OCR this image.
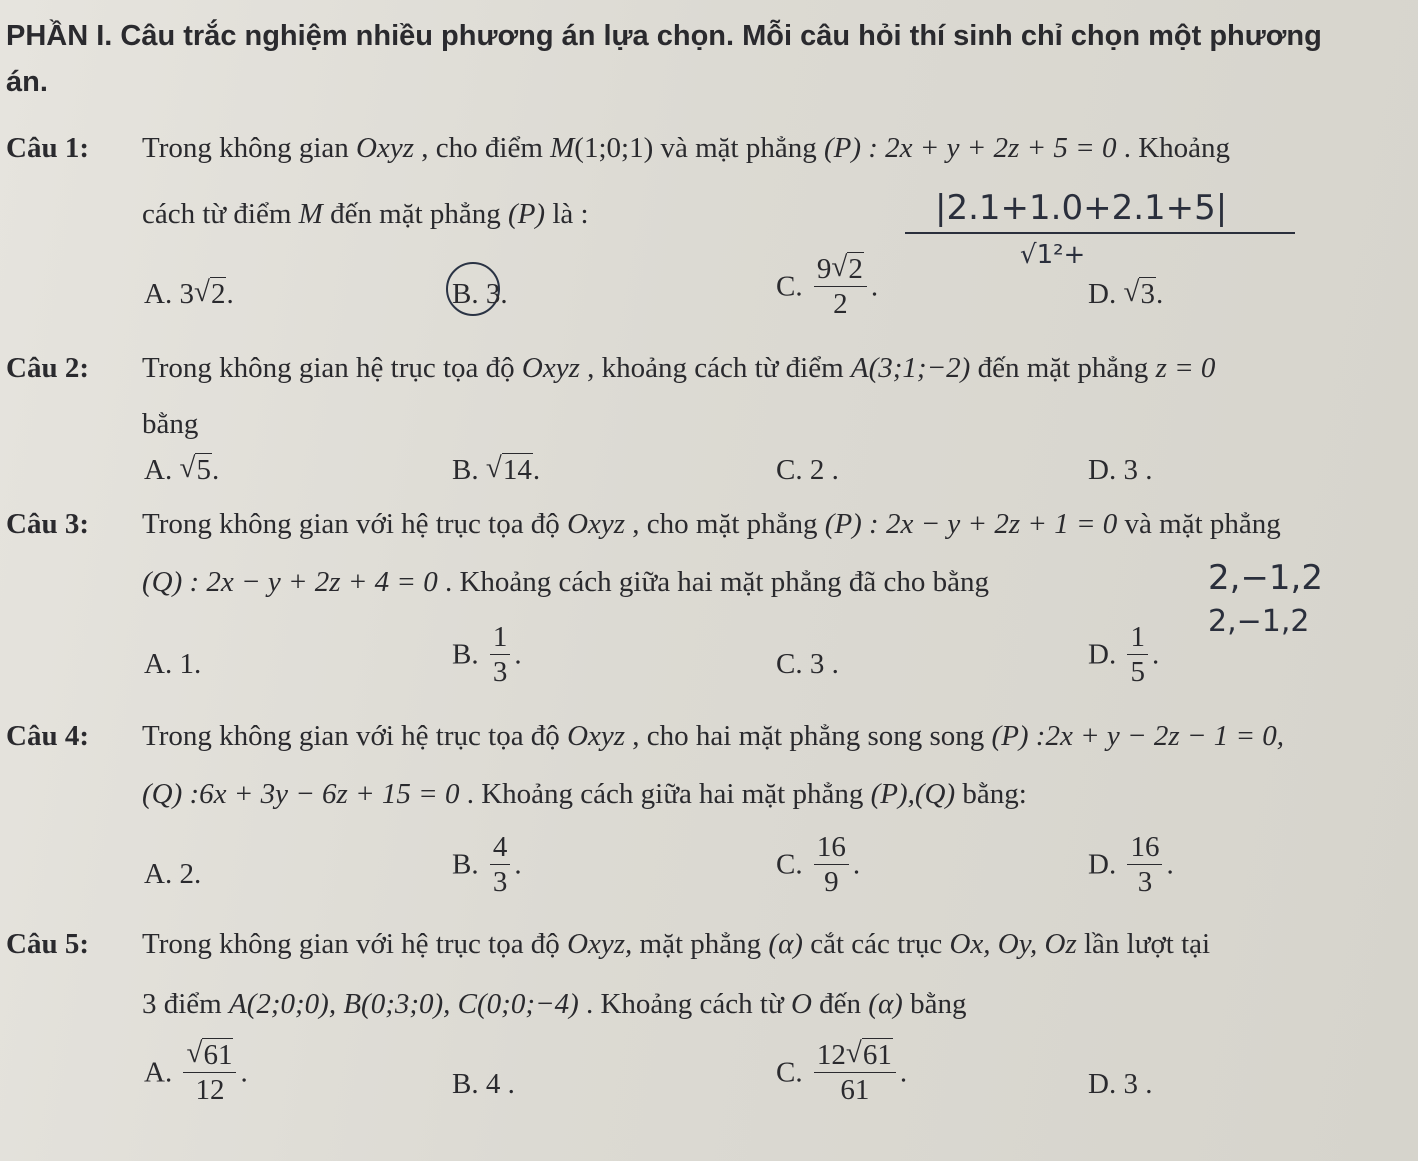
PHẦN I. Câu trắc nghiệm nhiều phương án lựa chọn. Mỗi câu hỏi thí sinh chỉ chọn một phương
án.
Câu 1: Trong không gian Oxyz , cho điểm M(1;0;1) và mặt phẳng (P) : 2x + y + 2z + 5 = 0 . Khoảng
cách từ điểm M đến mặt phẳng (P) là :	|2.1+1.0+2.1+5|
√1²+
A. 3 √ 2.	B. 3.	C. $\frac{9 √ 2}{2}$ .	D. √ 3.
Câu 2: Trong không gian hệ trục tọa độ Oxyz , khoảng cách từ điểm A(3;1;−2) đến mặt phẳng z = 0
bằng
A. √ 5.	B. √ 14.	C. 2 .	D. 3 .
Câu 3: Trong không gian với hệ trục tọa độ Oxyz , cho mặt phẳng (P) : 2x − y + 2z + 1 = 0 và mặt phẳng
(Q) : 2x − y + 2z + 4 = 0 . Khoảng cách giữa hai mặt phẳng đã cho bằng	2,−1,2
2,−1,2
A. 1.	B. $\frac{1}{3}$ .	C. 3 .	D. $\frac{1}{5}$ .
Câu 4: Trong không gian với hệ trục tọa độ Oxyz , cho hai mặt phẳng song song (P) :2x + y − 2z − 1 = 0,
(Q) :6x + 3y − 6z + 15 = 0 . Khoảng cách giữa hai mặt phẳng (P),(Q) bằng:
A. 2.	B. $\frac{4}{3}$ .	C. $\frac{16}{9}$ .	D. $\frac{16}{3}$ .
Câu 5: Trong không gian với hệ trục tọa độ Oxyz, mặt phẳng (α) cắt các trục Ox, Oy, Oz lần lượt tại
3 điểm A(2;0;0), B(0;3;0), C(0;0;−4) . Khoảng cách từ O đến (α) bằng
A. √ $\frac{61}{12}$ .	B. 4 .	C. $\frac{12 √ 61}{61}$ .	D. 3 .
